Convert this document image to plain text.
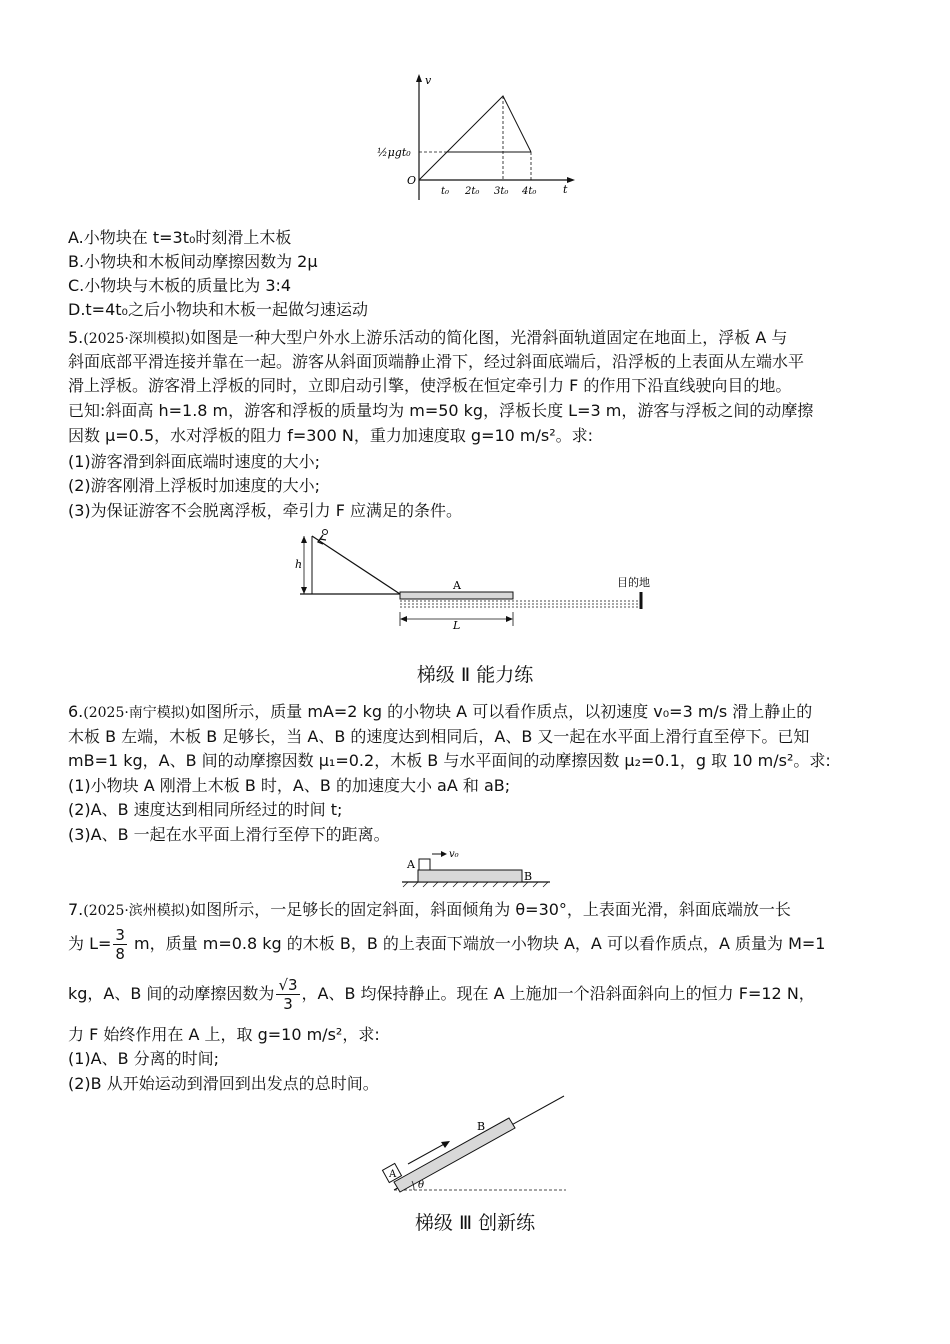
v
t
O
½μgt₀
t₀ 2t₀ 3t₀ 4t₀
A.小物块在 t=3t₀时刻滑上木板
B.小物块和木板间动摩擦因数为 2μ
C.小物块与木板的质量比为 3:4
D.t=4t₀之后小物块和木板一起做匀速运动
5.(2025·深圳模拟)如图是一种大型户外水上游乐活动的简化图，光滑斜面轨道固定在地面上，浮板 A 与
斜面底部平滑连接并靠在一起。游客从斜面顶端静止滑下，经过斜面底端后，沿浮板的上表面从左端水平
滑上浮板。游客滑上浮板的同时，立即启动引擎，使浮板在恒定牵引力 F 的作用下沿直线驶向目的地。
已知:斜面高 h=1.8 m，游客和浮板的质量均为 m=50 kg，浮板长度 L=3 m，游客与浮板之间的动摩擦
因数 μ=0.5，水对浮板的阻力 f=300 N，重力加速度取 g=10 m/s²。求:
(1)游客滑到斜面底端时速度的大小;
(2)游客刚滑上浮板时加速度的大小;
(3)为保证游客不会脱离浮板，牵引力 F 应满足的条件。
h
A	目的地
L
梯级 Ⅱ 能力练
6.(2025·南宁模拟)如图所示，质量 mA=2 kg 的小物块 A 可以看作质点，以初速度 v₀=3 m/s 滑上静止的
木板 B 左端，木板 B 足够长，当 A、B 的速度达到相同后，A、B 又一起在水平面上滑行直至停下。已知
mB=1 kg，A、B 间的动摩擦因数 μ₁=0.2，木板 B 与水平面间的动摩擦因数 μ₂=0.1，g 取 10 m/s²。求:
(1)小物块 A 刚滑上木板 B 时，A、B 的加速度大小 aA 和 aB;
(2)A、B 速度达到相同所经过的时间 t;
(3)A、B 一起在水平面上滑行至停下的距离。
A
B
v₀
7.(2025·滨州模拟)如图所示，一足够长的固定斜面，斜面倾角为 θ=30°，上表面光滑，斜面底端放一长
为 $L= \frac{3}{8}$ m，质量 m=0.8 kg 的木板 B，B 的上表面下端放一小物块 A，A 可以看作质点，A 质量为 M=1
kg，A、B 间的动摩擦因数为 $\frac{√3}{3}$ ，A、B 均保持静止。现在 A 上施加一个沿斜面斜向上的恒力 F=12 N，
力 F 始终作用在 A 上，取 g=10 m/s²，求:
(1)A、B 分离的时间;
(2)B 从开始运动到滑回到出发点的总时间。
A
B
θ
梯级 Ⅲ 创新练
